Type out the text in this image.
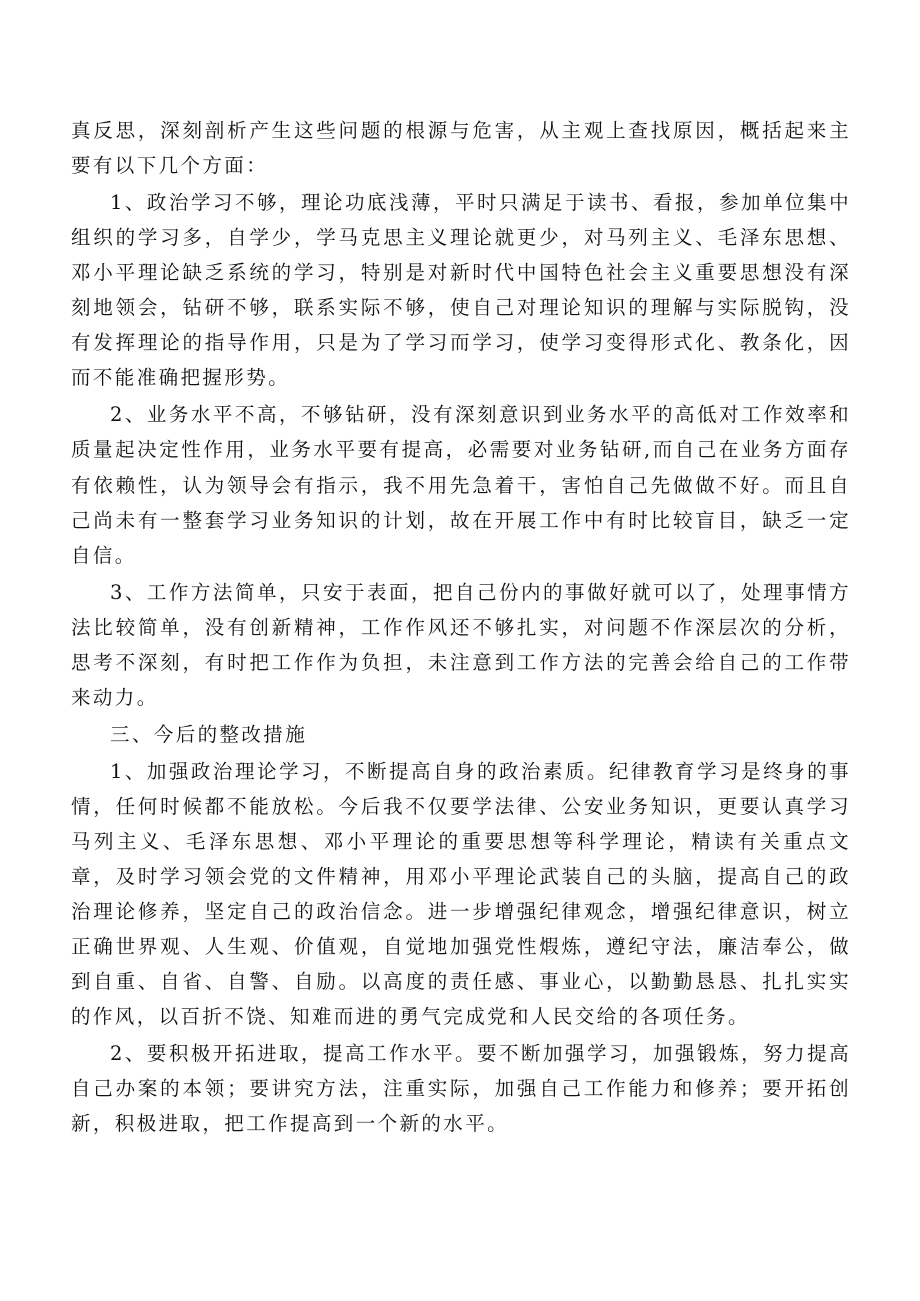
真反思，深刻剖析产生这些问题的根源与危害，从主观上查找原因，概括起来主要有以下几个方面：

1、政治学习不够，理论功底浅薄，平时只满足于读书、看报，参加单位集中组织的学习多，自学少，学马克思主义理论就更少，对马列主义、毛泽东思想、邓小平理论缺乏系统的学习，特别是对新时代中国特色社会主义重要思想没有深刻地领会，钻研不够，联系实际不够，使自己对理论知识的理解与实际脱钩，没有发挥理论的指导作用，只是为了学习而学习，使学习变得形式化、教条化，因而不能准确把握形势。

2、业务水平不高，不够钻研，没有深刻意识到业务水平的高低对工作效率和质量起决定性作用，业务水平要有提高，必需要对业务钻研,而自己在业务方面存有依赖性，认为领导会有指示，我不用先急着干，害怕自己先做做不好。而且自己尚未有一整套学习业务知识的计划，故在开展工作中有时比较盲目，缺乏一定自信。

3、工作方法简单，只安于表面，把自己份内的事做好就可以了，处理事情方法比较简单，没有创新精神，工作作风还不够扎实，对问题不作深层次的分析，思考不深刻，有时把工作作为负担，未注意到工作方法的完善会给自己的工作带来动力。

三、今后的整改措施

1、加强政治理论学习，不断提高自身的政治素质。纪律教育学习是终身的事情，任何时候都不能放松。今后我不仅要学法律、公安业务知识，更要认真学习马列主义、毛泽东思想、邓小平理论的重要思想等科学理论，精读有关重点文章，及时学习领会党的文件精神，用邓小平理论武装自己的头脑，提高自己的政治理论修养，坚定自己的政治信念。进一步增强纪律观念，增强纪律意识，树立正确世界观、人生观、价值观，自觉地加强党性煆炼，遵纪守法，廉洁奉公，做到自重、自省、自警、自励。以高度的责任感、事业心，以勤勤恳恳、扎扎实实的作风，以百折不饶、知难而进的勇气完成党和人民交给的各项任务。

2、要积极开拓进取，提高工作水平。要不断加强学习，加强锻炼，努力提高自己办案的本领；要讲究方法，注重实际，加强自己工作能力和修养；要开拓创新，积极进取，把工作提高到一个新的水平。
